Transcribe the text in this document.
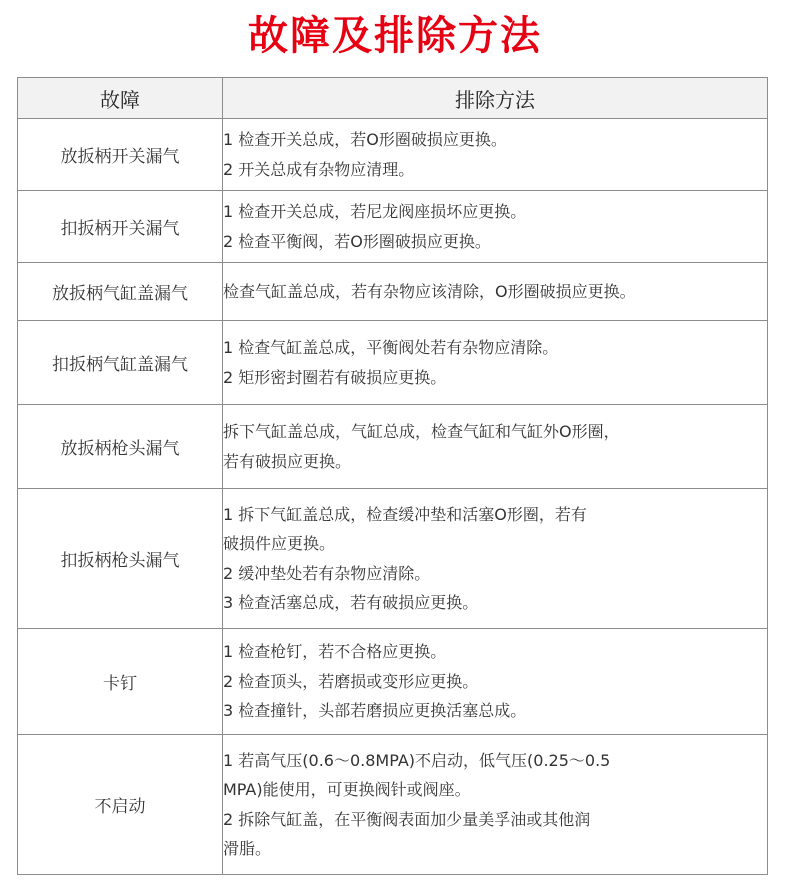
故障及排除方法
故障	排除方法
放扳柄开关漏气	1 检查开关总成，若O形圈破损应更换。
2 开关总成有杂物应清理。

扣扳柄开关漏气	1 检查开关总成，若尼龙阀座损坏应更换。
2 检查平衡阀，若O形圈破损应更换。

放扳柄气缸盖漏气	检查气缸盖总成，若有杂物应该清除，O形圈破损应更换。

扣扳柄气缸盖漏气	1 检查气缸盖总成，平衡阀处若有杂物应清除。
2 矩形密封圈若有破损应更换。

放扳柄枪头漏气	拆下气缸盖总成，气缸总成，检查气缸和气缸外O形圈，
若有破损应更换。

扣扳柄枪头漏气	1 拆下气缸盖总成，检查缓冲垫和活塞O形圈，若有
破损件应更换。
2 缓冲垫处若有杂物应清除。
3 检查活塞总成，若有破损应更换。

卡钉	1 检查枪钉，若不合格应更换。
2 检查顶头，若磨损或变形应更换。
3 检查撞针，头部若磨损应更换活塞总成。

不启动	1 若高气压(0.6～0.8MPA)不启动，低气压(0.25～0.5
MPA)能使用，可更换阀针或阀座。
2 拆除气缸盖，在平衡阀表面加少量美孚油或其他润
滑脂。
